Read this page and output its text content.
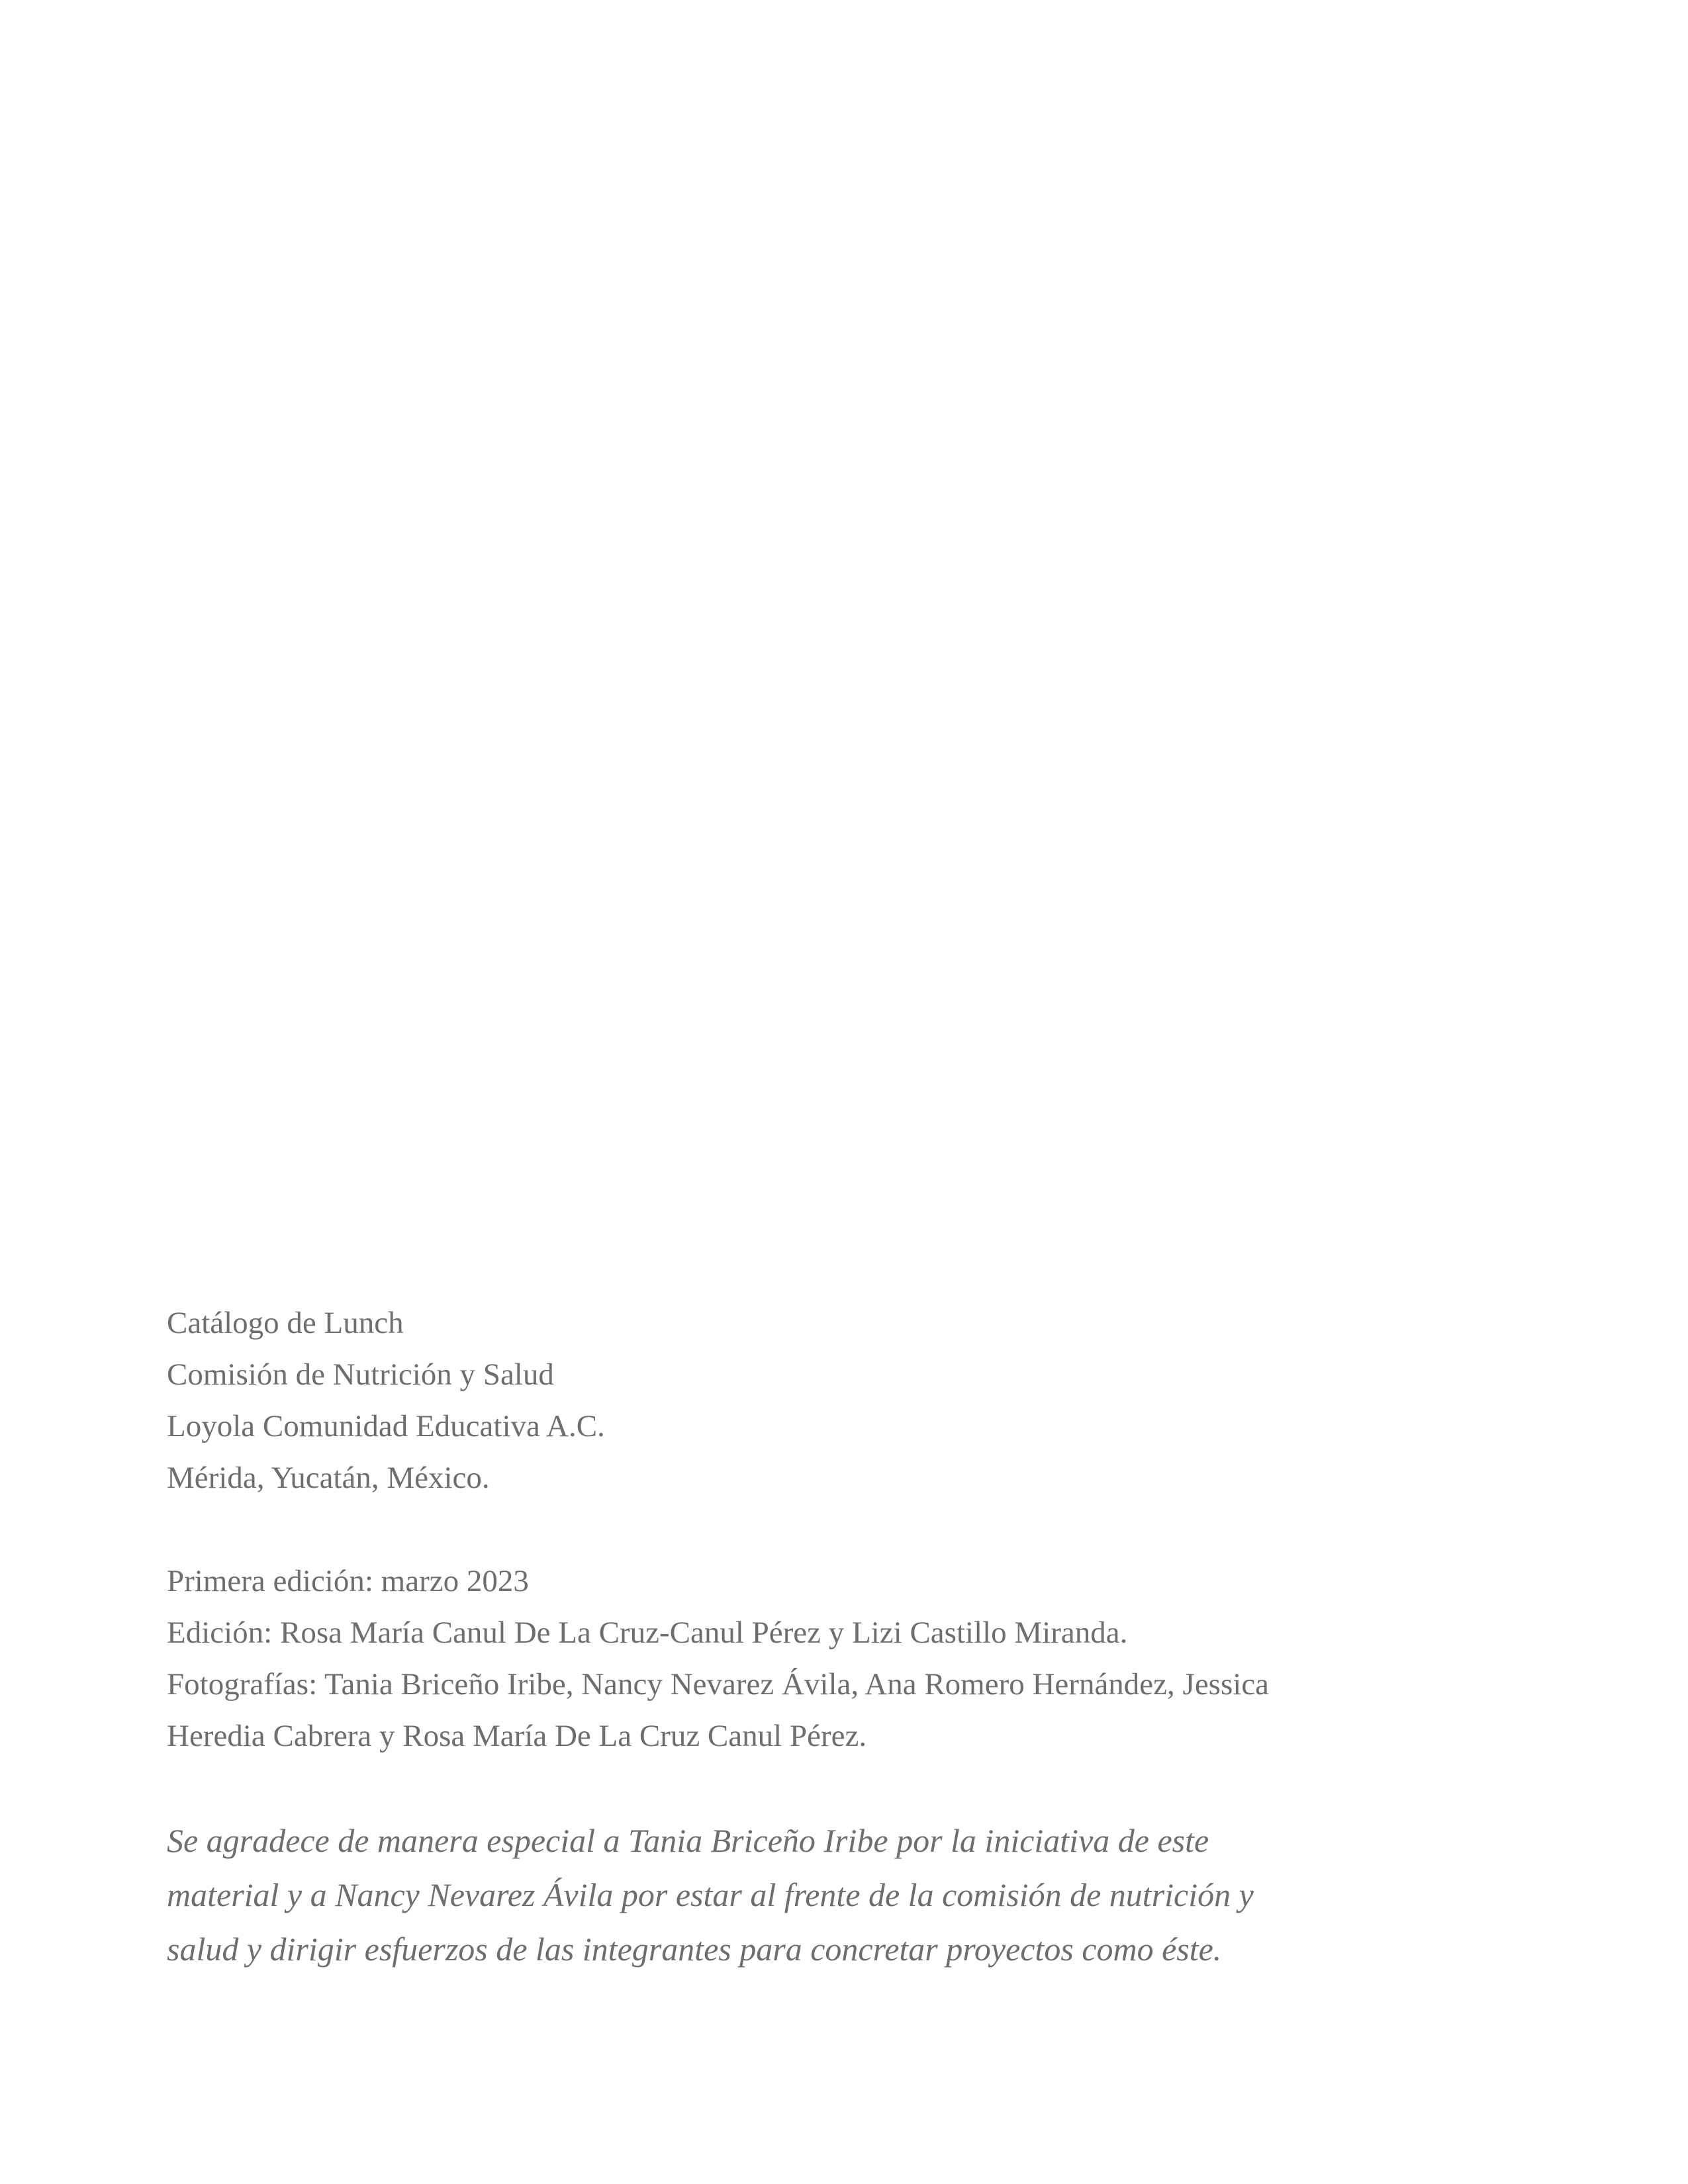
Catálogo de Lunch
Comisión de Nutrición y Salud
Loyola Comunidad Educativa A.C.
Mérida, Yucatán, México.
Primera edición: marzo 2023
Edición: Rosa María Canul De La Cruz-Canul Pérez y Lizi Castillo Miranda.
Fotografías: Tania Briceño Iribe, Nancy Nevarez Ávila, Ana Romero Hernández, Jessica
Heredia Cabrera y Rosa María De La Cruz Canul Pérez.
Se agradece de manera especial a Tania Briceño Iribe por la iniciativa de este
material y a Nancy Nevarez Ávila por estar al frente de la comisión de nutrición y
salud y dirigir esfuerzos de las integrantes para concretar proyectos como éste.
